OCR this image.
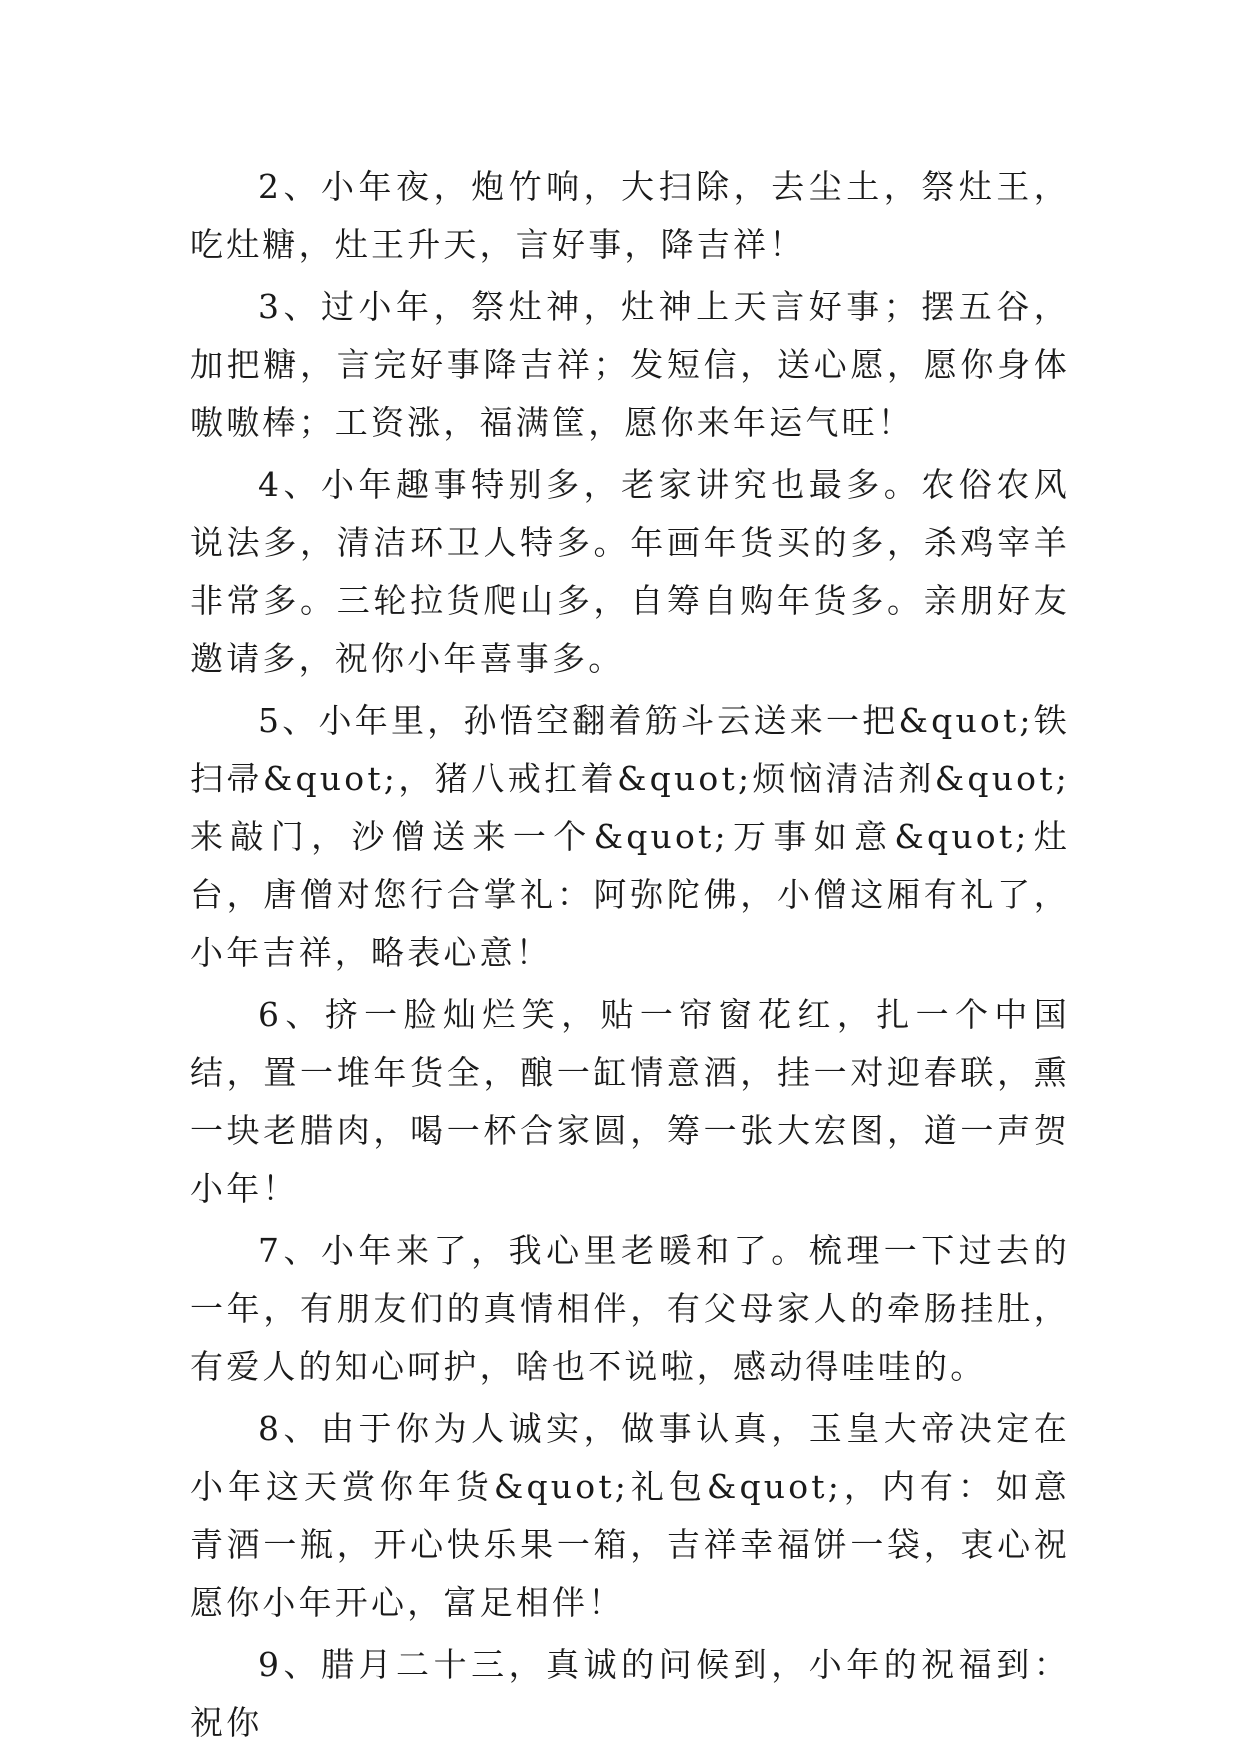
2、小年夜，炮竹响，大扫除，去尘土，祭灶王，吃灶糖，灶王升天，言好事，降吉祥！

3、过小年，祭灶神，灶神上天言好事；摆五谷，加把糖，言完好事降吉祥；发短信，送心愿，愿你身体嗷嗷棒；工资涨，福满筐，愿你来年运气旺！

4、小年趣事特别多，老家讲究也最多。农俗农风说法多，清洁环卫人特多。年画年货买的多，杀鸡宰羊非常多。三轮拉货爬山多，自筹自购年货多。亲朋好友邀请多，祝你小年喜事多。

5、小年里，孙悟空翻着筋斗云送来一把&quot;铁扫帚&quot;，猪八戒扛着&quot;烦恼清洁剂&quot;来敲门，沙僧送来一个&quot;万事如意&quot;灶台，唐僧对您行合掌礼：阿弥陀佛，小僧这厢有礼了，小年吉祥，略表心意！

6、挤一脸灿烂笑，贴一帘窗花红，扎一个中国结，置一堆年货全，酿一缸情意酒，挂一对迎春联，熏一块老腊肉，喝一杯合家圆，筹一张大宏图，道一声贺小年！

7、小年来了，我心里老暖和了。梳理一下过去的一年，有朋友们的真情相伴，有父母家人的牵肠挂肚，有爱人的知心呵护，啥也不说啦，感动得哇哇的。

8、由于你为人诚实，做事认真，玉皇大帝决定在小年这天赏你年货&quot;礼包&quot;，内有：如意青酒一瓶，开心快乐果一箱，吉祥幸福饼一袋，衷心祝愿你小年开心，富足相伴！

9、腊月二十三，真诚的问候到，小年的祝福到：祝你
